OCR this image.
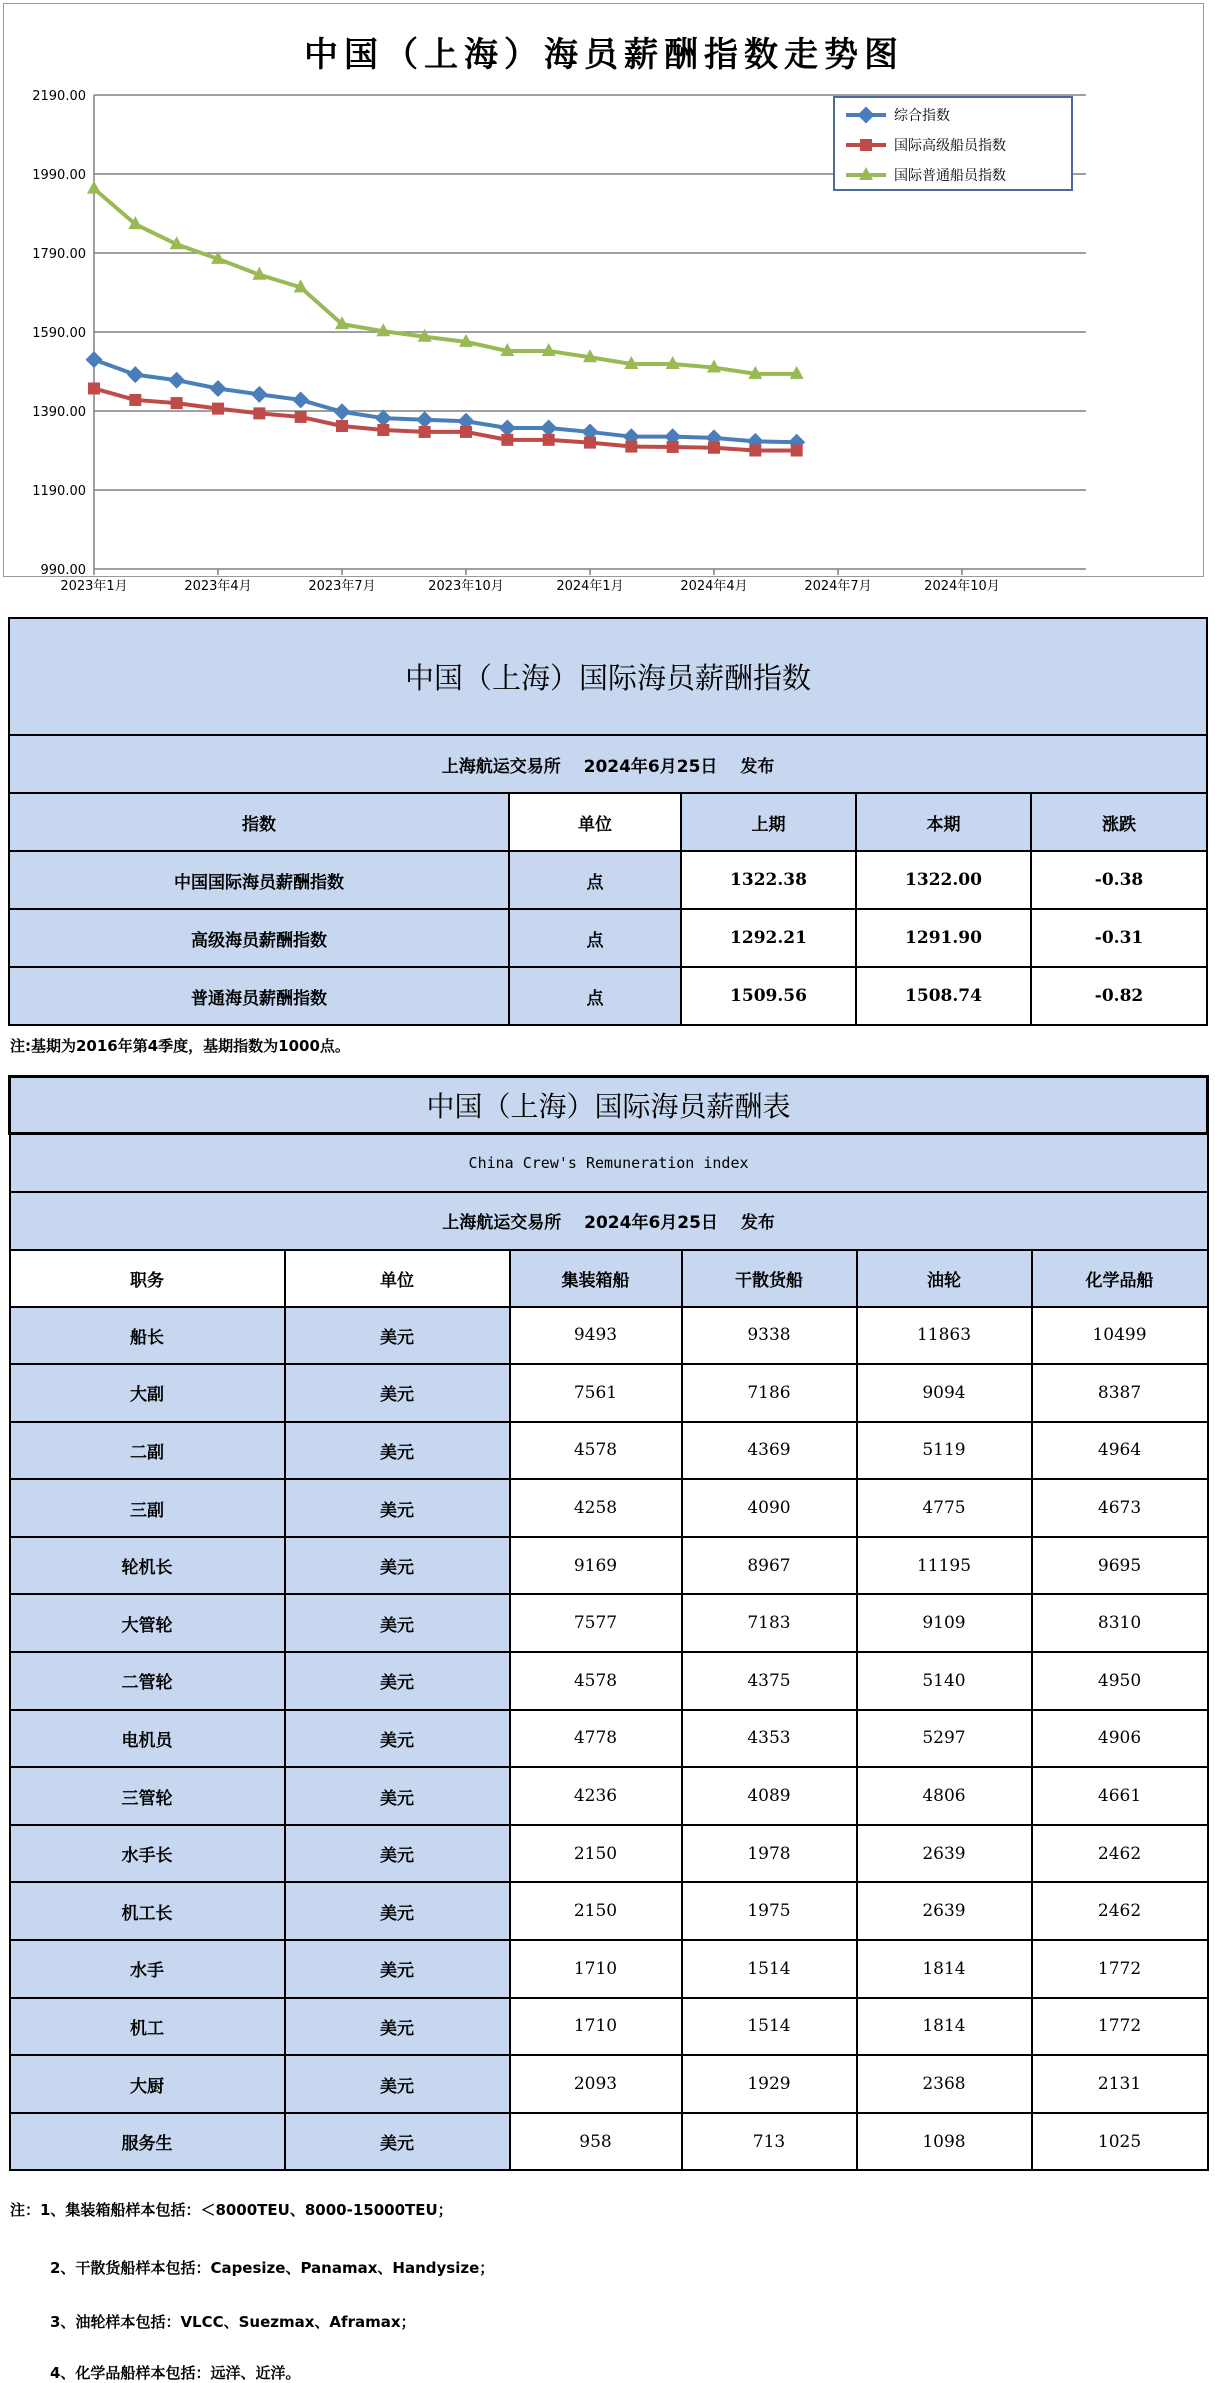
中国（上海）海员薪酬指数走势图
990.00
1190.00
1390.00
1590.00
1790.00
1990.00
2190.00
2023年1月	2023年4月	2023年7月	2023年10月	2024年1月	2024年4月	2024年7月	2024年10月
综合指数
国际高级船员指数
国际普通船员指数
中国（上海）国际海员薪酬指数				
上海航运交易所　 2024年6月25日　 发布				
指数	单位	上期	本期	涨跌
中国国际海员薪酬指数	点	1322.38	1322.00	-0.38
高级海员薪酬指数	点	1292.21	1291.90	-0.31
普通海员薪酬指数	点	1509.56	1508.74	-0.82
注:基期为2016年第4季度，基期指数为1000点。
中国（上海）国际海员薪酬表					
China Crew's Remuneration index					
上海航运交易所　 2024年6月25日　 发布					
职务	单位	集装箱船	干散货船	油轮	化学品船
船长	美元	9493	9338	11863	10499
大副	美元	7561	7186	9094	8387
二副	美元	4578	4369	5119	4964
三副	美元	4258	4090	4775	4673
轮机长	美元	9169	8967	11195	9695
大管轮	美元	7577	7183	9109	8310
二管轮	美元	4578	4375	5140	4950
电机员	美元	4778	4353	5297	4906
三管轮	美元	4236	4089	4806	4661
水手长	美元	2150	1978	2639	2462
机工长	美元	2150	1975	2639	2462
水手	美元	1710	1514	1814	1772
机工	美元	1710	1514	1814	1772
大厨	美元	2093	1929	2368	2131
服务生	美元	958	713	1098	1025
注：1、集装箱船样本包括：＜8000TEU、8000-15000TEU；
2、干散货船样本包括：Capesize、Panamax、Handysize；
3、油轮样本包括：VLCC、Suezmax、Aframax；
4、化学品船样本包括：远洋、近洋。
